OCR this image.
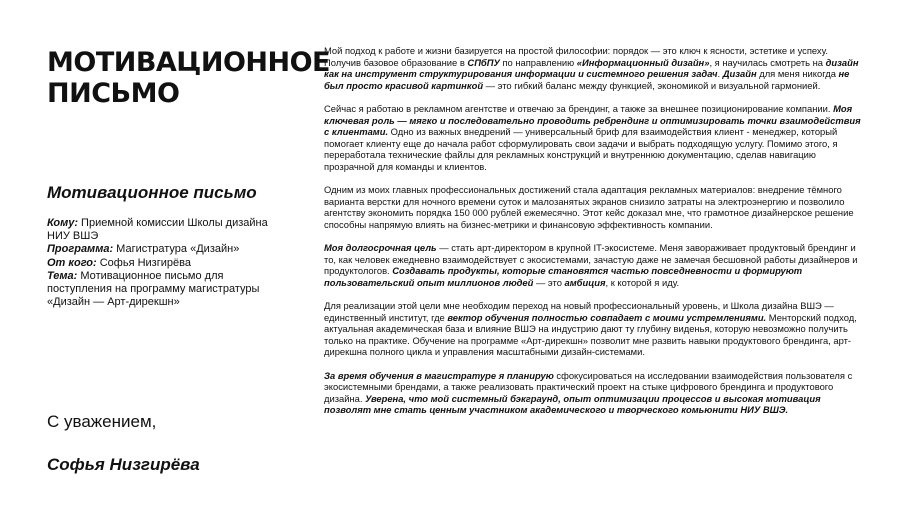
МОТИВАЦИОННОЕ
ПИСЬМО
Мотивационное письмо
Кому: Приемной комиссии Школы дизайна НИУ ВШЭ
Программа: Магистратура «Дизайн»
От кого: Софья Низгирёва
Тема: Мотивационное письмо для поступления на программу магистратуры «Дизайн — Арт-дирекшн»
С уважением,
Софья Низгирёва

Мой подход к работе и жизни базируется на простой философии: порядок — это ключ к ясности, эстетике и успеху. Получив базовое образование в СПбПУ по направлению «Информационный дизайн», я научилась смотреть на дизайн как на инструмент структурирования информации и системного решения задач. Дизайн для меня никогда не был просто красивой картинкой — это гибкий баланс между функцией, экономикой и визуальной гармонией.

Сейчас я работаю в рекламном агентстве и отвечаю за брендинг, а также за внешнее позиционирование компании. Моя ключевая роль — мягко и последовательно проводить ребрендинг и оптимизировать точки взаимодействия с клиентами. Одно из важных внедрений — универсальный бриф для взаимодействия клиент - менеджер, который помогает клиенту еще до начала работ сформулировать свои задачи и выбрать подходящую услугу. Помимо этого, я переработала технические файлы для рекламных конструкций и внутреннюю документацию, сделав навигацию прозрачной для команды и клиентов.

Одним из моих главных профессиональных достижений стала адаптация рекламных материалов: внедрение тёмного варианта верстки для ночного времени суток и малозанятых экранов снизило затраты на электроэнергию и позволило агентству экономить порядка 150 000 рублей ежемесячно. Этот кейс доказал мне, что грамотное дизайнерское решение способны напрямую влиять на бизнес-метрики и финансовую эффективность компании.

Моя долгосрочная цель — стать арт-директором в крупной IT-экосистеме. Меня завораживает продуктовый брендинг и то, как человек ежедневно взаимодействует с экосистемами, зачастую даже не замечая бесшовной работы дизайнеров и продуктологов. Создавать продукты, которые становятся частью повседневности и формируют пользовательский опыт миллионов людей — это амбиция, к которой я иду.

Для реализации этой цели мне необходим переход на новый профессиональный уровень, и Школа дизайна ВШЭ — единственный институт, где вектор обучения полностью совпадает с моими устремлениями. Менторский подход, актуальная академическая база и влияние ВШЭ на индустрию дают ту глубину виденья, которую невозможно получить только на практике. Обучение на программе «Арт-дирекшн» позволит мне развить навыки продуктового брендинга, арт-дирекшна полного цикла и управления масштабными дизайн-системами.

За время обучения в магистратуре я планирую сфокусироваться на исследовании взаимодействия пользователя с экосистемными брендами, а также реализовать практический проект на стыке цифрового брендинга и продуктового дизайна. Уверена, что мой системный бэкграунд, опыт оптимизации процессов и высокая мотивация позволят мне стать ценным участником академического и творческого комьюнити НИУ ВШЭ.
